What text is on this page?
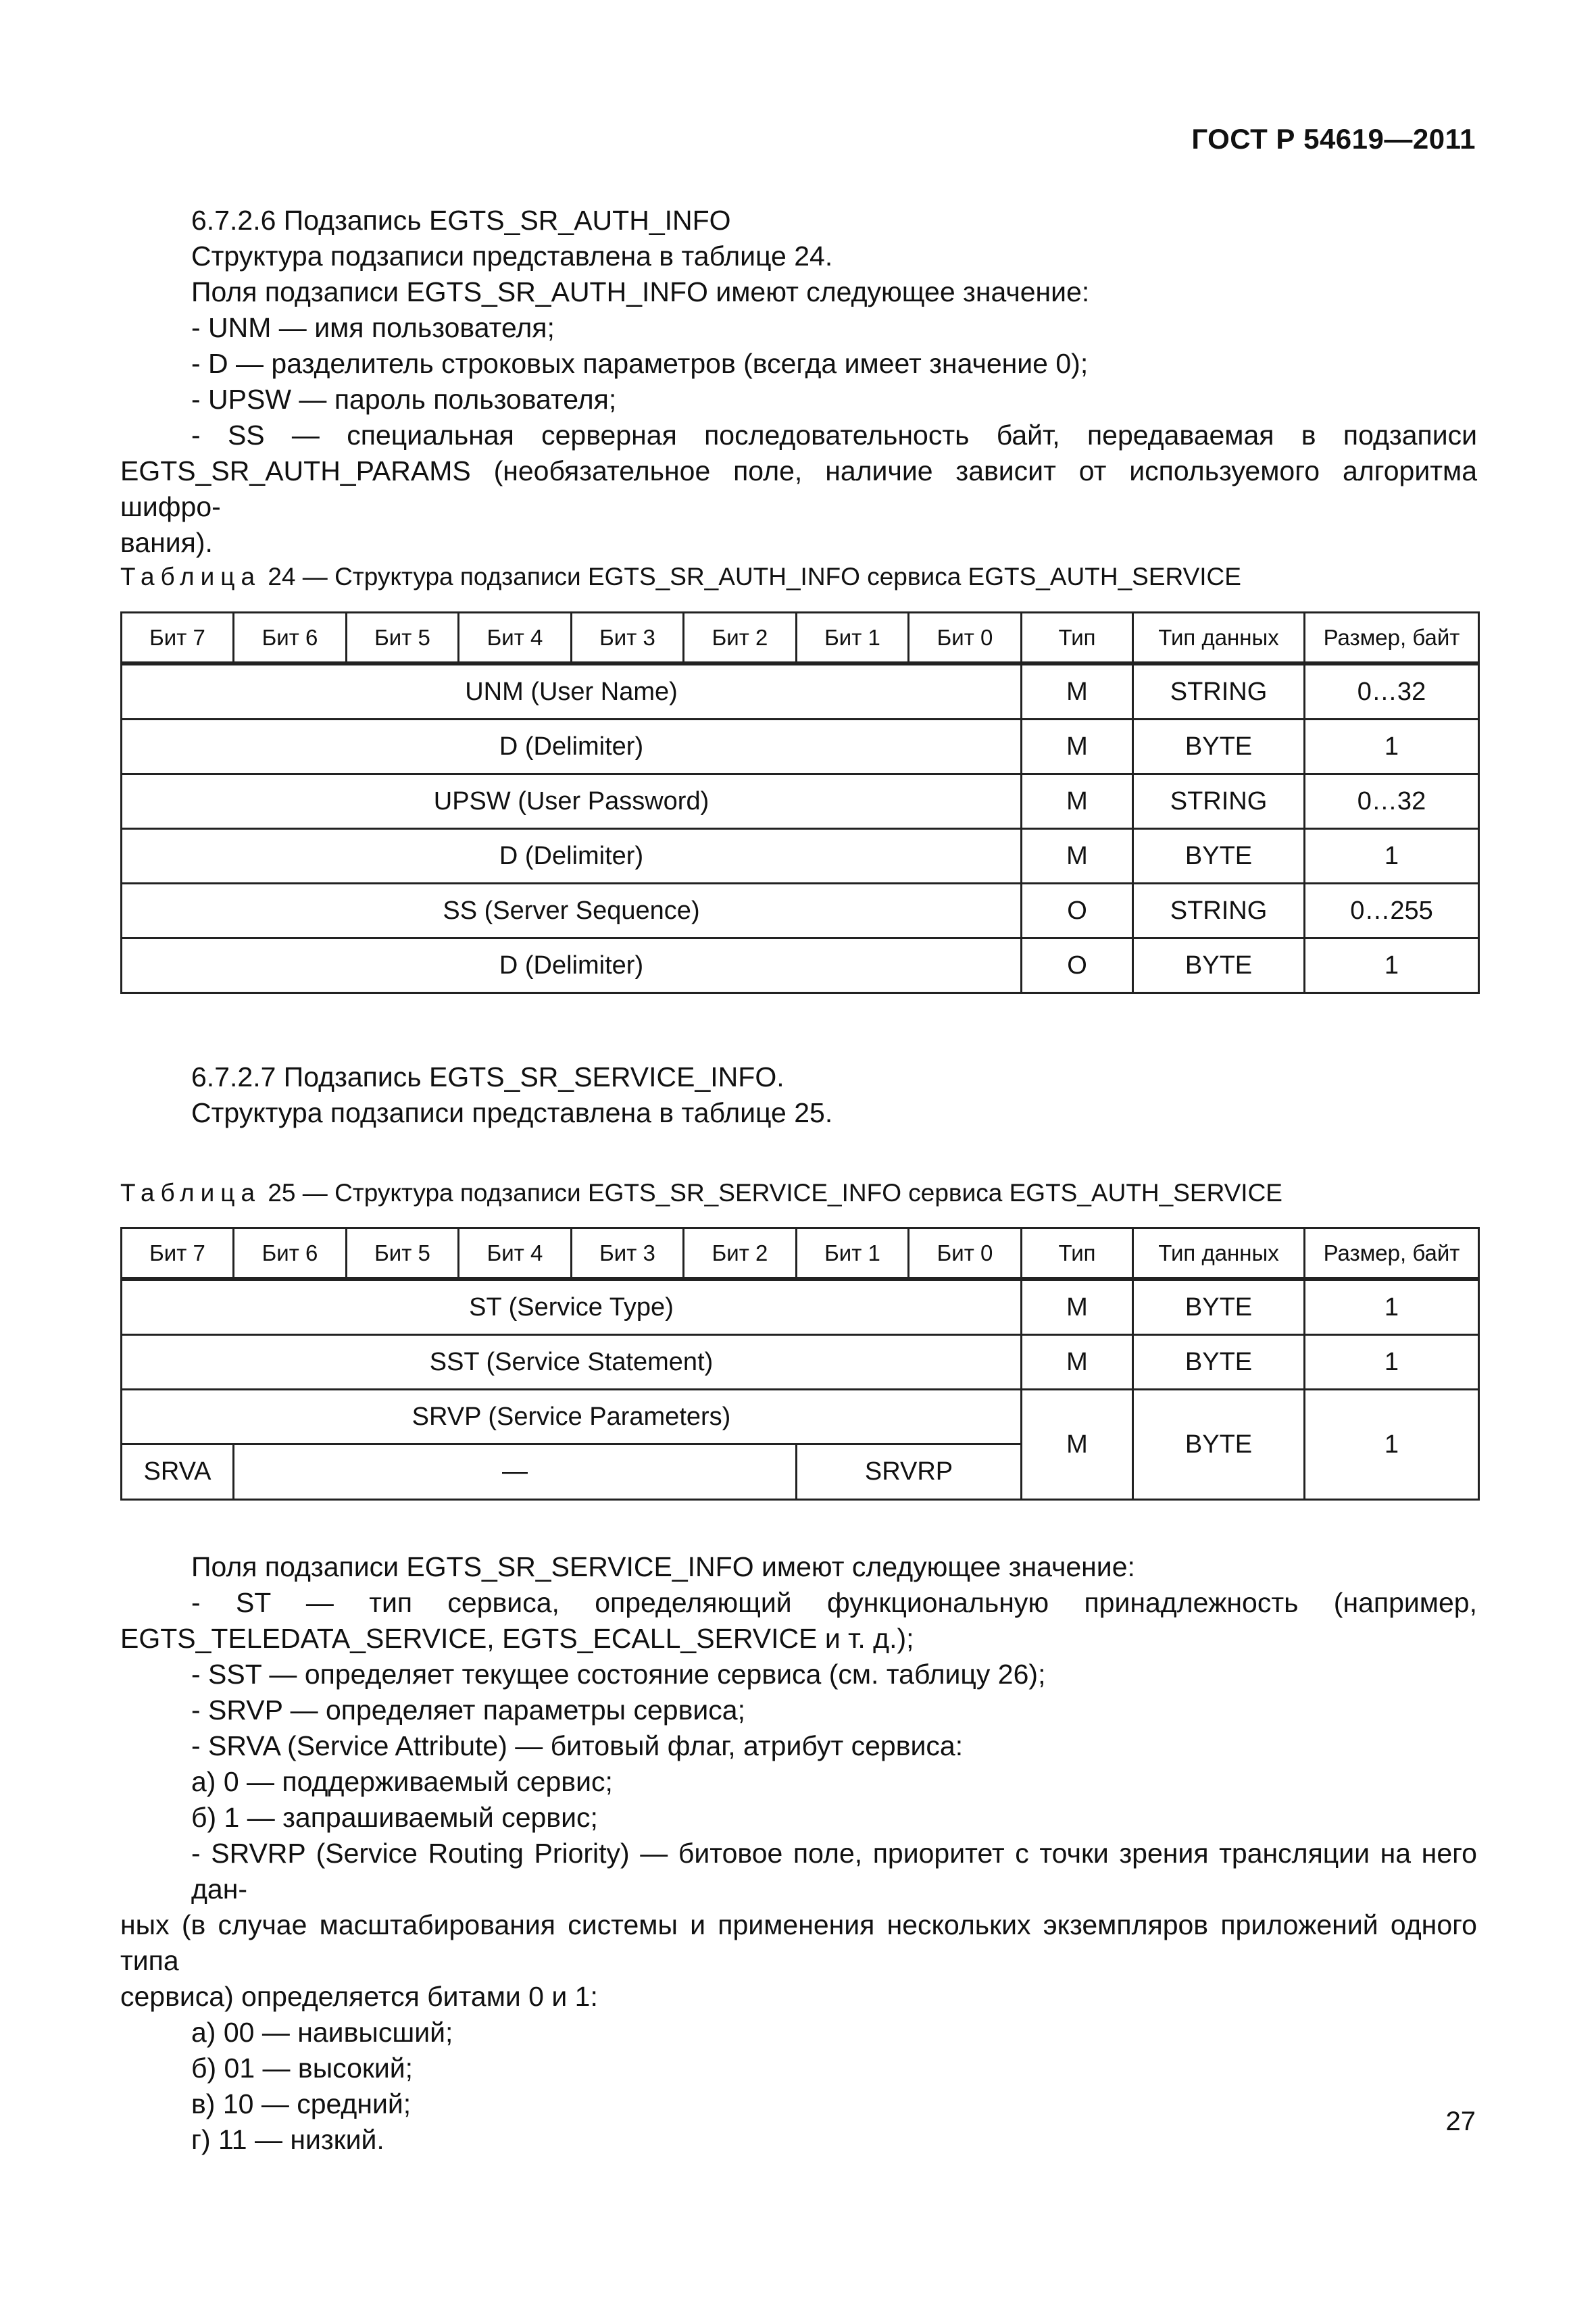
ГОСТ Р 54619—2011

6.7.2.6 Подзапись EGTS_SR_AUTH_INFO

Структура подзаписи представлена в таблице 24.

Поля подзаписи EGTS_SR_AUTH_INFO имеют следующее значение:

- UNM — имя пользователя;

- D — разделитель строковых параметров (всегда имеет значение 0);

- UPSW — пароль пользователя;

- SS — специальная серверная последовательность байт, передаваемая в подзаписи

EGTS_SR_AUTH_PARAMS (необязательное поле, наличие зависит от используемого алгоритма шифро-

вания).

Таблица 24 — Структура подзаписи EGTS_SR_AUTH_INFO сервиса EGTS_AUTH_SERVICE
Бит 7	Бит 6	Бит 5	Бит 4	Бит 3	Бит 2	Бит 1	Бит 0	Тип	Тип данных	Размер, байт
UNM (User Name)								M	STRING	0…32
D (Delimiter)								M	BYTE	1
UPSW (User Password)								M	STRING	0…32
D (Delimiter)								M	BYTE	1
SS (Server Sequence)								O	STRING	0…255
D (Delimiter)								O	BYTE	1

6.7.2.7 Подзапись EGTS_SR_SERVICE_INFO.

Структура подзаписи представлена в таблице 25.

Таблица 25 — Структура подзаписи EGTS_SR_SERVICE_INFO сервиса EGTS_AUTH_SERVICE
Бит 7	Бит 6	Бит 5	Бит 4	Бит 3	Бит 2	Бит 1	Бит 0	Тип	Тип данных	Размер, байт
ST (Service Type)								M	BYTE	1
SST (Service Statement)								M	BYTE	1
SRVP (Service Parameters)								M	BYTE	1
SRVA	—					SRVRP				

Поля подзаписи EGTS_SR_SERVICE_INFO имеют следующее значение:

- ST — тип сервиса, определяющий функциональную принадлежность (например,

EGTS_TELEDATA_SERVICE, EGTS_ECALL_SERVICE и т. д.);

- SST — определяет текущее состояние сервиса (см. таблицу 26);

- SRVP — определяет параметры сервиса;

- SRVA (Service Attribute) — битовый флаг, атрибут сервиса:

а) 0 — поддерживаемый сервис;

б) 1 — запрашиваемый сервис;

- SRVRP (Service Routing Priority) — битовое поле, приоритет с точки зрения трансляции на него дан-

ных (в случае масштабирования системы и применения нескольких экземпляров приложений одного типа

сервиса) определяется битами 0 и 1:

а) 00 — наивысший;

б) 01 — высокий;

в) 10 — средний;

г) 11 — низкий.

27
